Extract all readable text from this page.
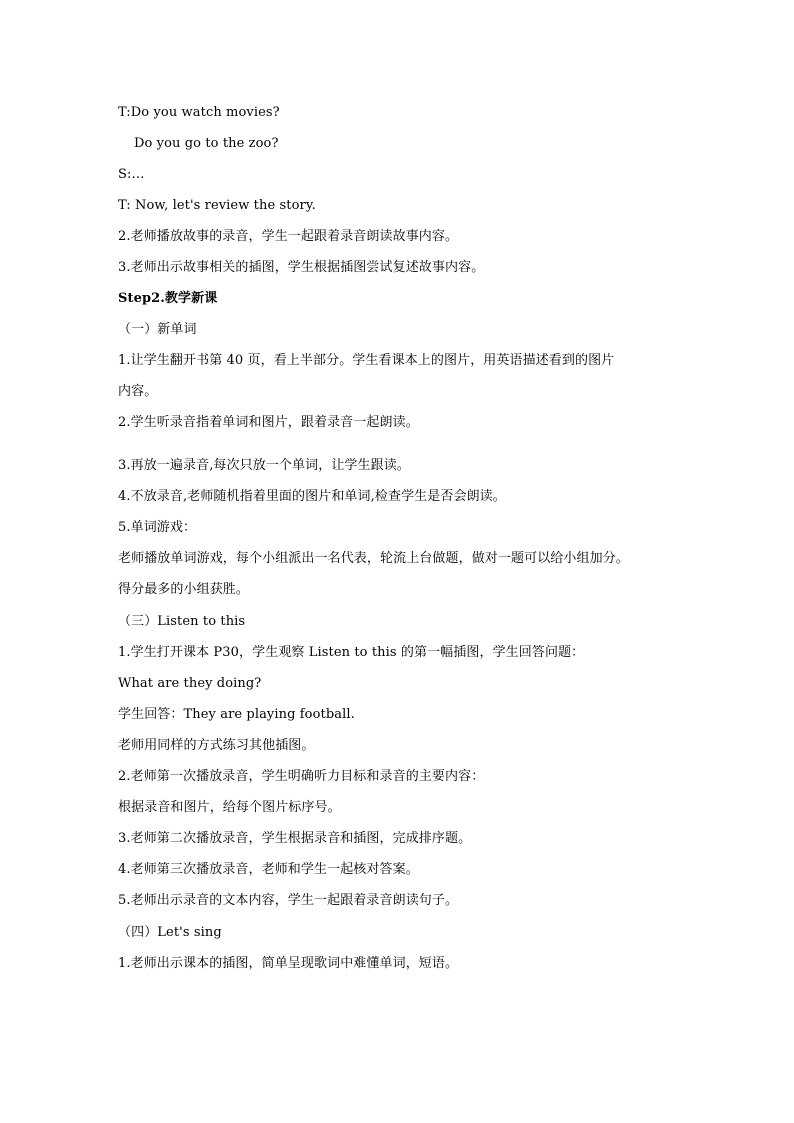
T:Do you watch movies?
Do you go to the zoo?
S:…
T: Now, let's review the story.
2.老师播放故事的录音，学生一起跟着录音朗读故事内容。
3.老师出示故事相关的插图，学生根据插图尝试复述故事内容。
Step2.教学新课
（一）新单词
1.让学生翻开书第 40 页，看上半部分。学生看课本上的图片，用英语描述看到的图片
内容。
2.学生听录音指着单词和图片，跟着录音一起朗读。
3.再放一遍录音,每次只放一个单词，让学生跟读。
4.不放录音,老师随机指着里面的图片和单词,检查学生是否会朗读。
5.单词游戏：
老师播放单词游戏，每个小组派出一名代表，轮流上台做题，做对一题可以给小组加分。
得分最多的小组获胜。
（三）Listen to this
1.学生打开课本 P30，学生观察 Listen to this 的第一幅插图，学生回答问题：
What are they doing?
学生回答：They are playing football.
老师用同样的方式练习其他插图。
2.老师第一次播放录音，学生明确听力目标和录音的主要内容：
根据录音和图片，给每个图片标序号。
3.老师第二次播放录音，学生根据录音和插图，完成排序题。
4.老师第三次播放录音，老师和学生一起核对答案。
5.老师出示录音的文本内容，学生一起跟着录音朗读句子。
（四）Let's sing
1.老师出示课本的插图，简单呈现歌词中难懂单词，短语。
